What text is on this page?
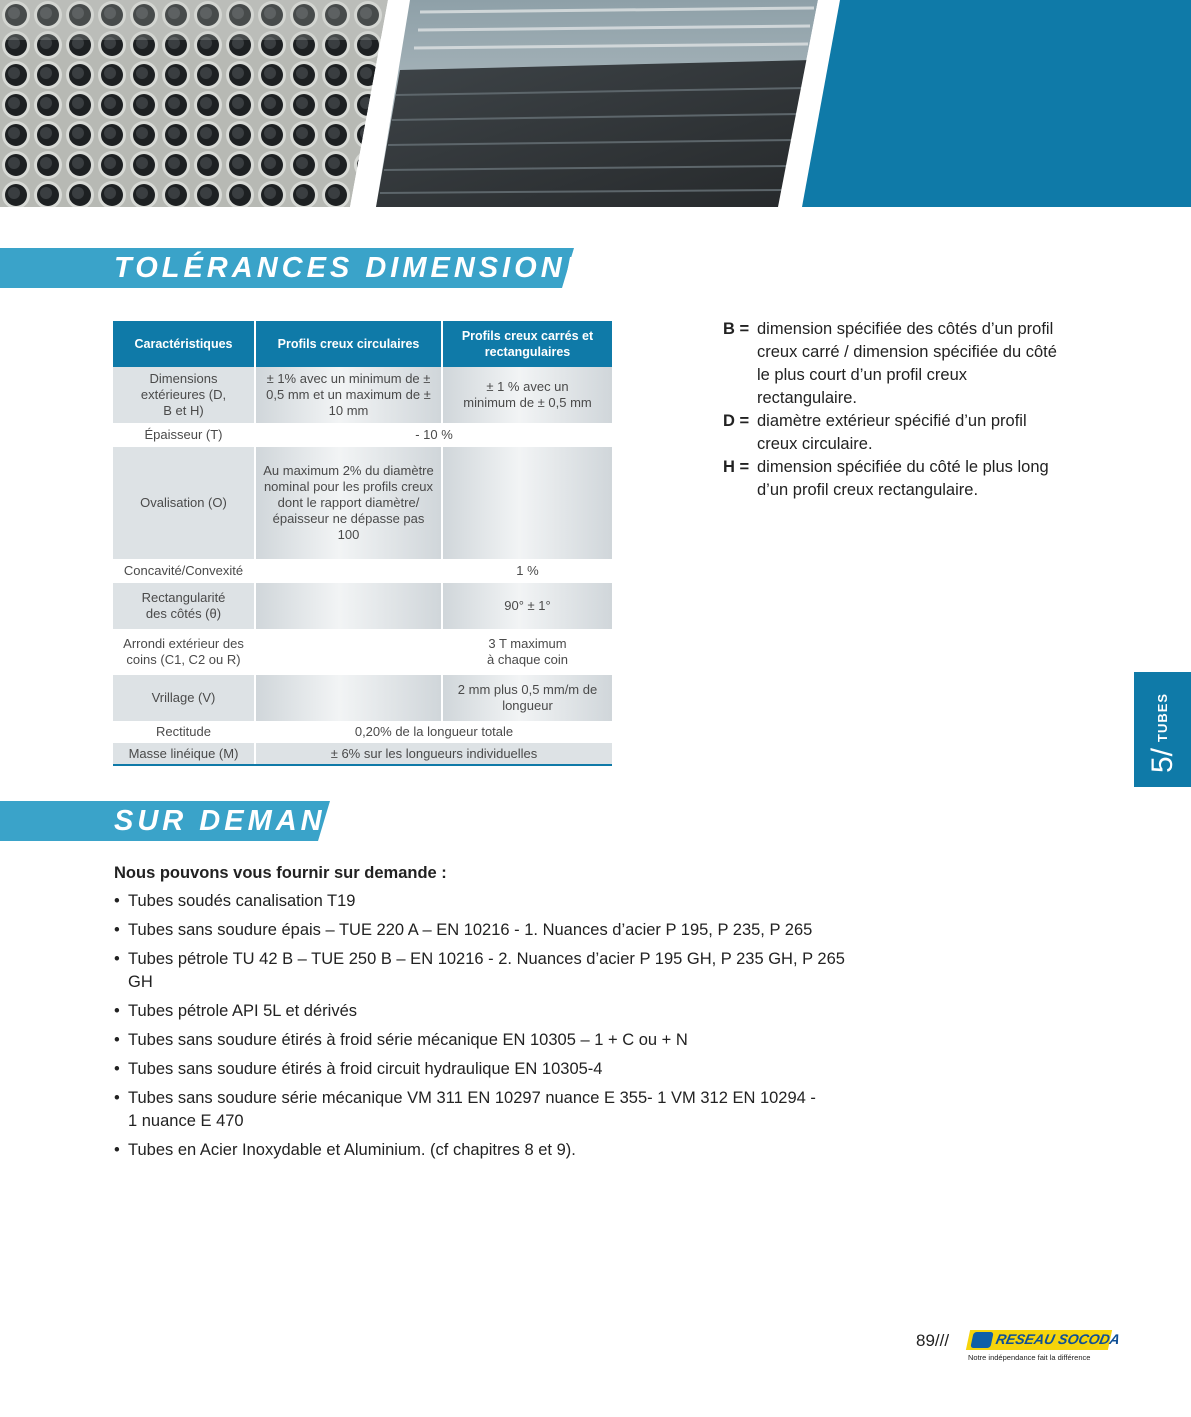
5
/
TUBES
TOLÉRANCES DIMENSIONNELLES
Caractéristiques	Profils creux circulaires	Profils creux carrés et rectangulaires
Dimensions extérieures (D, B et H)	± 1% avec un minimum de ± 0,5 mm et un maximum de ± 10 mm	± 1 % avec un minimum de ± 0,5 mm
Épaisseur (T)	- 10 %	
Ovalisation (O)	Au maximum 2% du diamètre nominal pour les profils creux dont le rapport diamètre/épaisseur ne dépasse pas 100	
Concavité/Convexité		1 %
Rectangularité des côtés (θ)		90° ± 1°
Arrondi extérieur des coins (C1, C2 ou R)		3 T maximum à chaque coin
Vrillage (V)		2 mm plus 0,5 mm/m de longueur
Rectitude	0,20% de la longueur totale	
Masse linéique (M)	± 6% sur les longueurs individuelles	
B = dimension spécifiée des côtés d’un profil creux carré / dimension spécifiée du côté le plus court d’un profil creux rectangulaire.
D = diamètre extérieur spécifié d’un profil creux circulaire.
H = dimension spécifiée du côté le plus long d’un profil creux rectangulaire.
SUR DEMANDE
Nous pouvons vous fournir sur demande :
• Tubes soudés canalisation T19
• Tubes sans soudure épais – TUE 220 A – EN 10216 - 1. Nuances d’acier P 195, P 235, P 265
• Tubes pétrole TU 42 B – TUE 250 B – EN 10216 - 2. Nuances d’acier P 195 GH, P 235 GH, P 265 GH
• Tubes pétrole API 5L et dérivés
• Tubes sans soudure étirés à froid série mécanique EN 10305 – 1 + C ou + N
• Tubes sans soudure étirés à froid circuit hydraulique EN 10305-4
• Tubes sans soudure série mécanique VM 311 EN 10297 nuance E 355- 1 VM 312 EN 10294 - 1 nuance E 470
• Tubes en Acier Inoxydable et Aluminium. (cf chapitres 8 et 9).
89///	RESEAU SOCODA
Notre indépendance fait la différence
